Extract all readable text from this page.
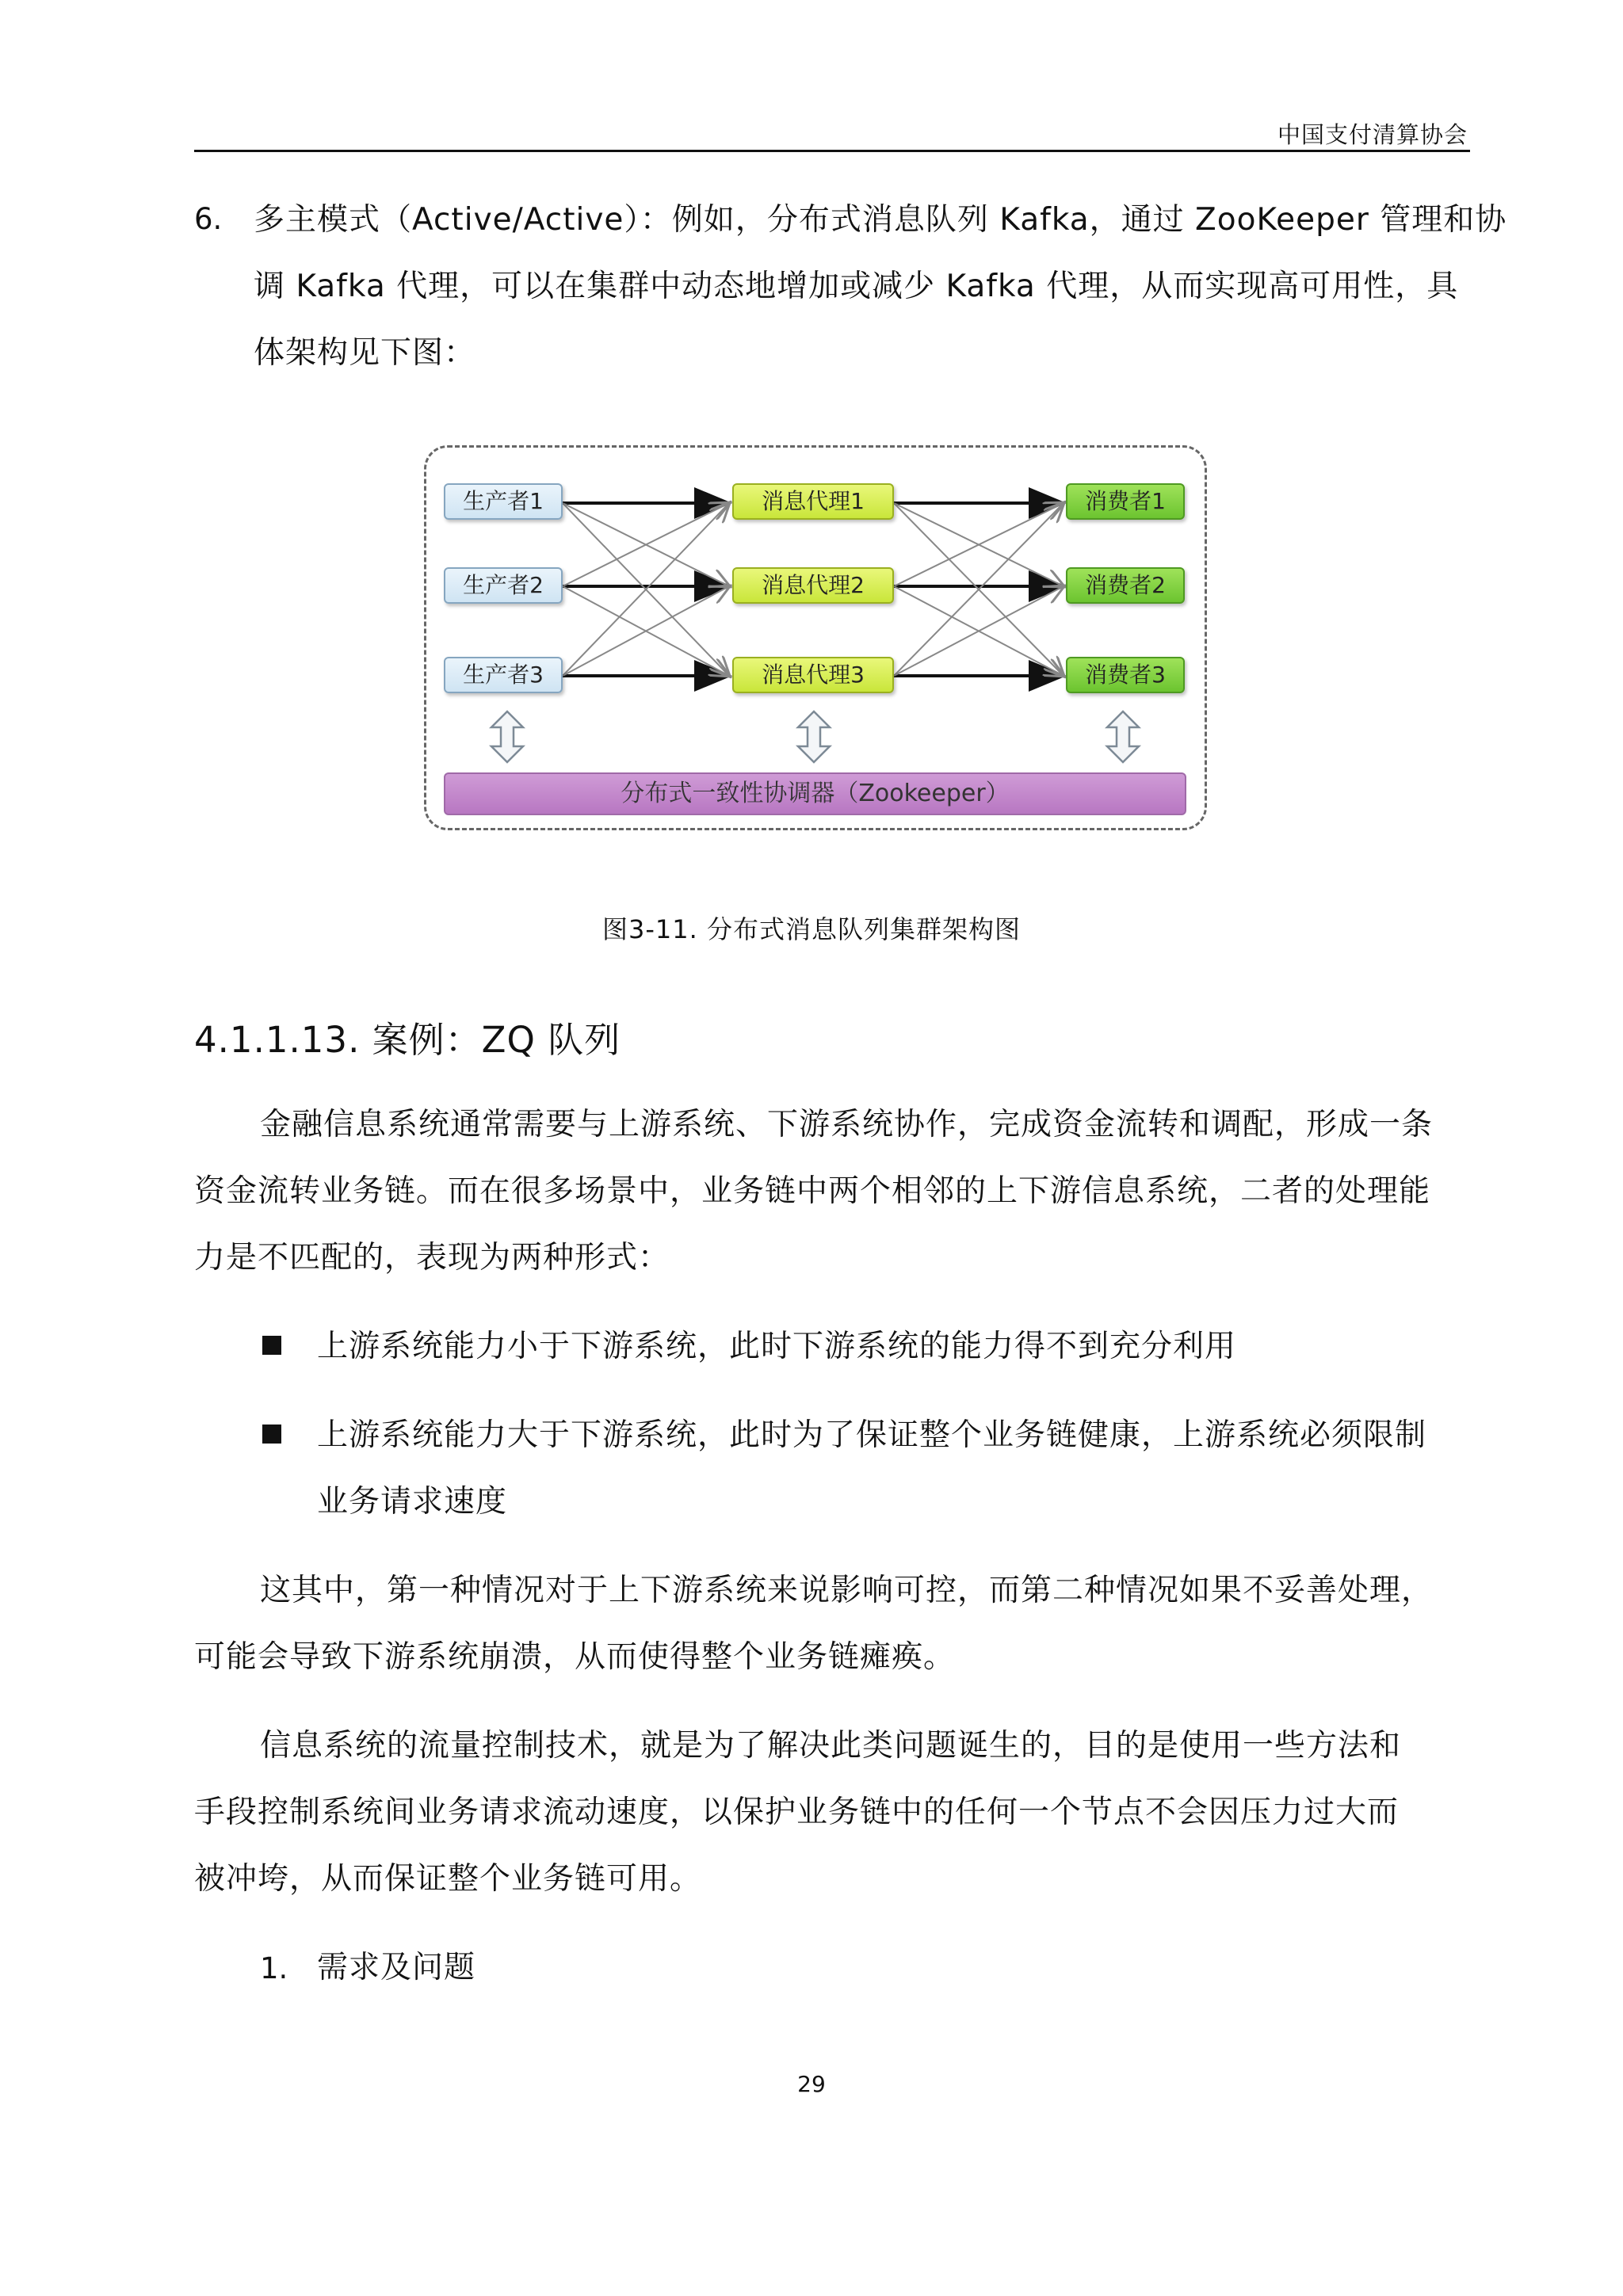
中国支付清算协会
6. 多主模式（Active/Active）：例如，分布式消息队列 Kafka，通过 ZooKeeper 管理和协
调 Kafka 代理，可以在集群中动态地增加或减少 Kafka 代理，从而实现高可用性，具
体架构见下图：
生产者1
生产者2
生产者3
消息代理1
消息代理2
消息代理3
消费者1
消费者2
消费者3
分布式一致性协调器（Zookeeper）
图3-11. 分布式消息队列集群架构图
4.1.1.13. 案例：ZQ 队列
金融信息系统通常需要与上游系统、下游系统协作，完成资金流转和调配，形成一条
资金流转业务链。而在很多场景中，业务链中两个相邻的上下游信息系统，二者的处理能
力是不匹配的，表现为两种形式：
上游系统能力小于下游系统，此时下游系统的能力得不到充分利用
上游系统能力大于下游系统，此时为了保证整个业务链健康，上游系统必须限制
业务请求速度
这其中，第一种情况对于上下游系统来说影响可控，而第二种情况如果不妥善处理，
可能会导致下游系统崩溃，从而使得整个业务链瘫痪。
信息系统的流量控制技术，就是为了解决此类问题诞生的，目的是使用一些方法和
手段控制系统间业务请求流动速度，以保护业务链中的任何一个节点不会因压力过大而
被冲垮，从而保证整个业务链可用。
1. 需求及问题
29
